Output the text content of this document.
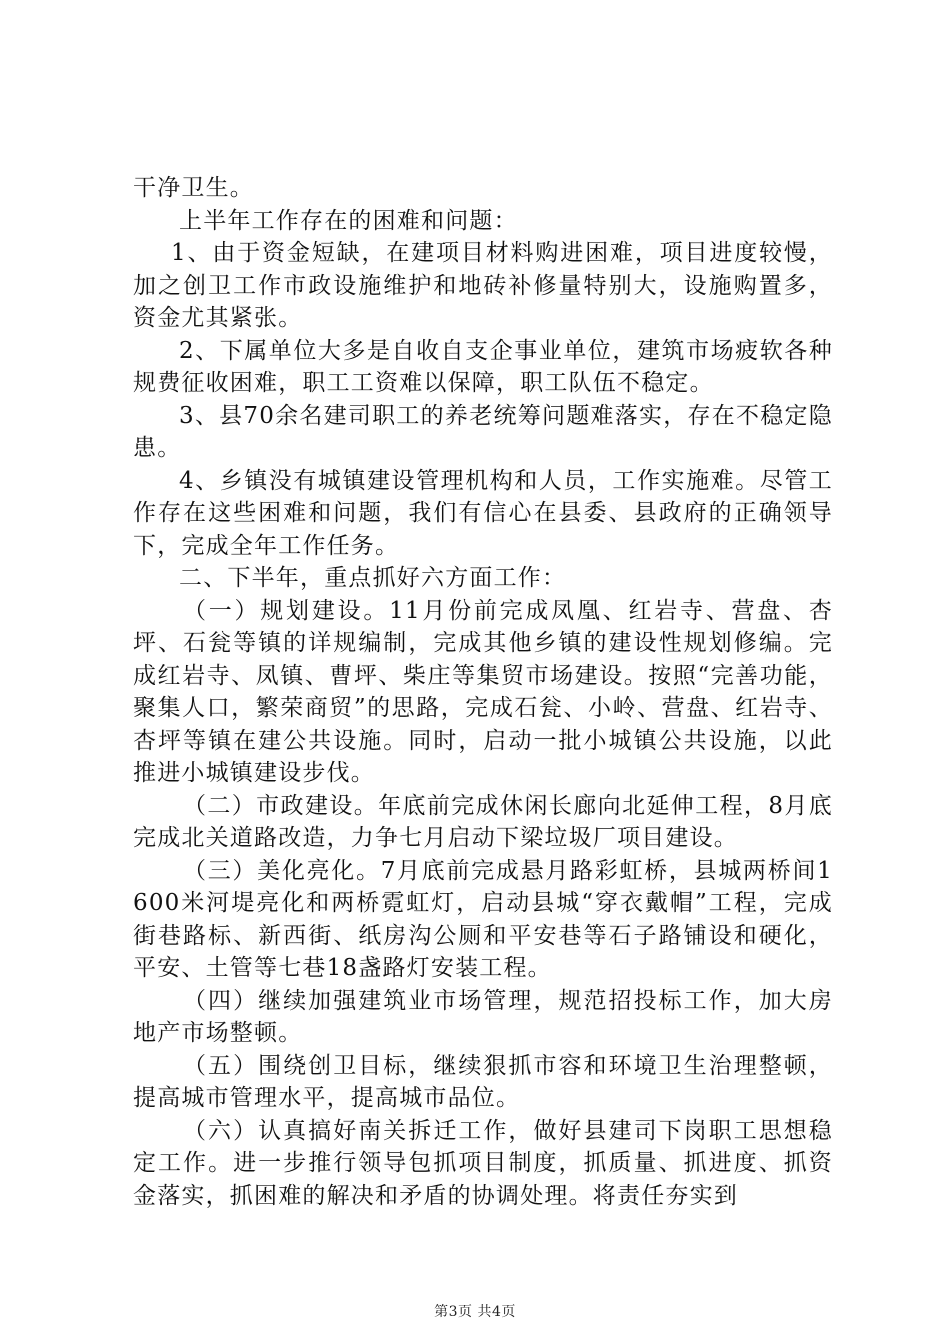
干净卫生。

上半年工作存在的困难和问题：

1、由于资金短缺，在建项目材料购进困难，项目进度较慢，加之创卫工作市政设施维护和地砖补修量特别大，设施购置多，资金尤其紧张。

2、下属单位大多是自收自支企事业单位，建筑市场疲软各种规费征收困难，职工工资难以保障，职工队伍不稳定。

3、县70余名建司职工的养老统筹问题难落实，存在不稳定隐患。

4、乡镇没有城镇建设管理机构和人员，工作实施难。尽管工作存在这些困难和问题，我们有信心在县委、县政府的正确领导下，完成全年工作任务。

二、下半年，重点抓好六方面工作：

（一）规划建设。11月份前完成凤凰、红岩寺、营盘、杏坪、石瓮等镇的详规编制，完成其他乡镇的建设性规划修编。完成红岩寺、凤镇、曹坪、柴庄等集贸市场建设。按照“完善功能，聚集人口，繁荣商贸”的思路，完成石瓮、小岭、营盘、红岩寺、杏坪等镇在建公共设施。同时，启动一批小城镇公共设施，以此推进小城镇建设步伐。

（二）市政建设。年底前完成休闲长廊向北延伸工程，8月底完成北关道路改造，力争七月启动下梁垃圾厂项目建设。

（三）美化亮化。7月底前完成悬月路彩虹桥，县城两桥间1600米河堤亮化和两桥霓虹灯，启动县城“穿衣戴帽”工程，完成街巷路标、新西街、纸房沟公厕和平安巷等石子路铺设和硬化，平安、土管等七巷18盏路灯安装工程。

（四）继续加强建筑业市场管理，规范招投标工作，加大房地产市场整顿。

（五）围绕创卫目标，继续狠抓市容和环境卫生治理整顿，提高城市管理水平，提高城市品位。

（六）认真搞好南关拆迁工作，做好县建司下岗职工思想稳定工作。进一步推行领导包抓项目制度，抓质量、抓进度、抓资金落实，抓困难的解决和矛盾的协调处理。将责任夯实到

第3页 共4页
